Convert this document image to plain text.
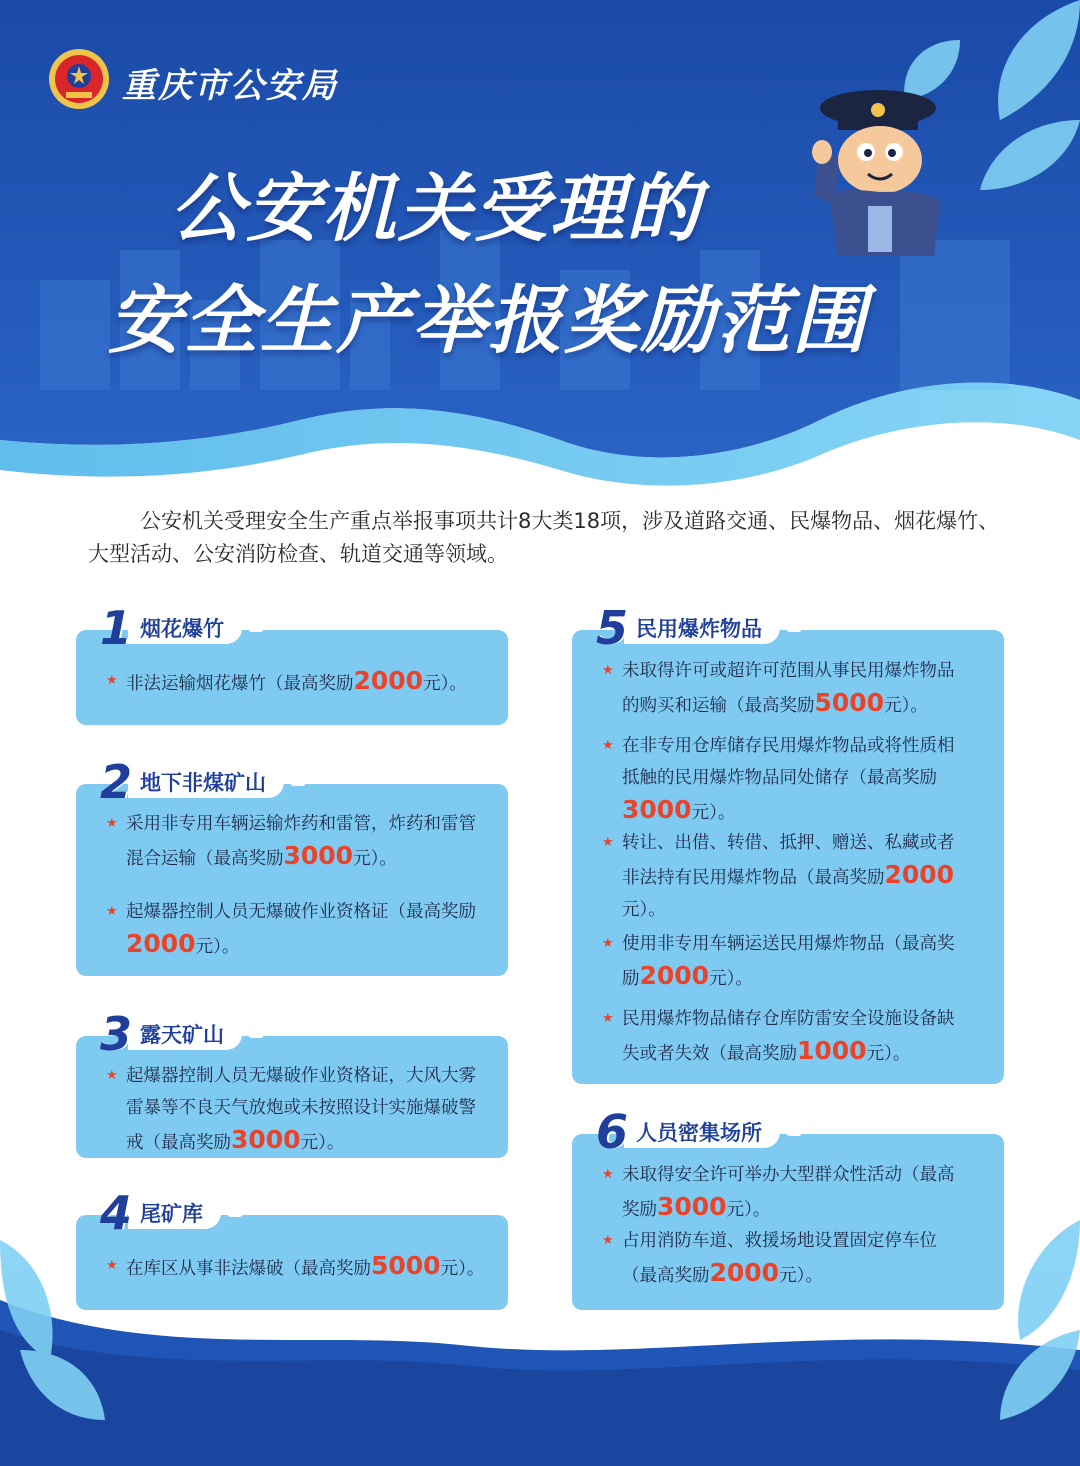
重庆市公安局
公安机关受理的
安全生产举报奖励范围
公安机关受理安全生产重点举报事项共计8大类18项，涉及道路交通、民爆物品、烟花爆竹、大型活动、公安消防检查、轨道交通等领域。
1 烟花爆竹
★ 非法运输烟花爆竹（最高奖励2000元）。
2 地下非煤矿山
★ 采用非专用车辆运输炸药和雷管，炸药和雷管混合运输（最高奖励3000元）。
★ 起爆器控制人员无爆破作业资格证（最高奖励2000元）。
3 露天矿山
★ 起爆器控制人员无爆破作业资格证，大风大雾雷暴等不良天气放炮或未按照设计实施爆破警戒（最高奖励3000元）。
4 尾矿库
★ 在库区从事非法爆破（最高奖励5000元）。
5 民用爆炸物品
★ 未取得许可或超许可范围从事民用爆炸物品的购买和运输（最高奖励5000元）。
★ 在非专用仓库储存民用爆炸物品或将性质相抵触的民用爆炸物品同处储存（最高奖励3000元）。
★ 转让、出借、转借、抵押、赠送、私藏或者非法持有民用爆炸物品（最高奖励2000元）。
★ 使用非专用车辆运送民用爆炸物品（最高奖励2000元）。
★ 民用爆炸物品储存仓库防雷安全设施设备缺失或者失效（最高奖励1000元）。
6 人员密集场所
★ 未取得安全许可举办大型群众性活动（最高奖励3000元）。
★ 占用消防车道、救援场地设置固定停车位（最高奖励2000元）。
